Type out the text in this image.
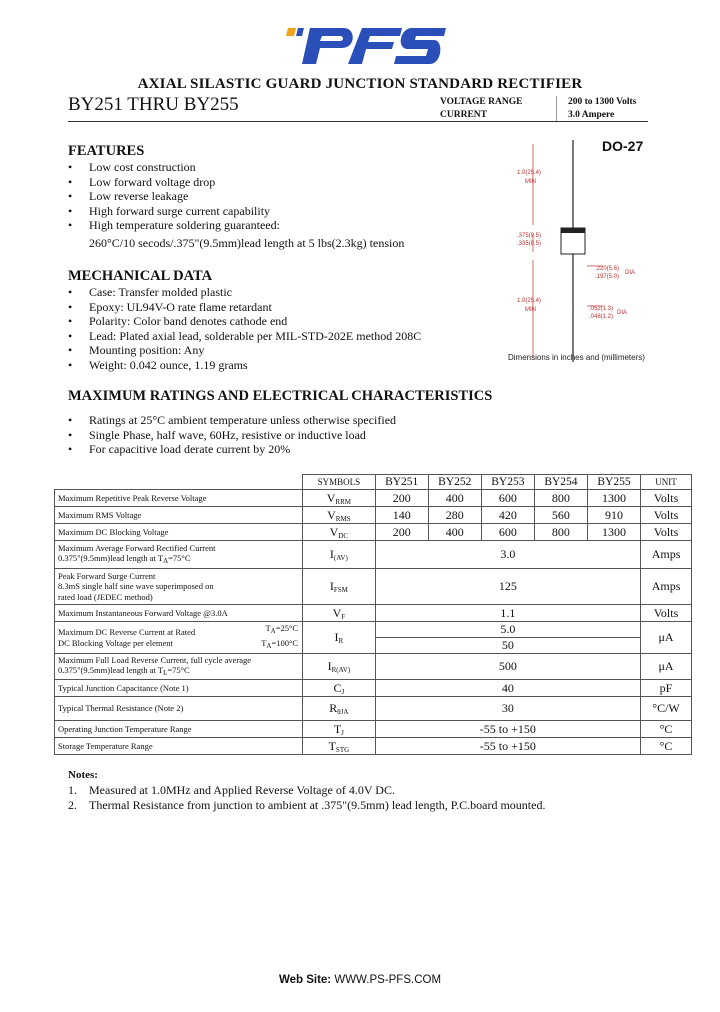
PFS
AXIAL SILASTIC GUARD JUNCTION STANDARD RECTIFIER
BY251 THRU BY255	VOLTAGE RANGE	200 to 1300 Volts
CURRENT	3.0 Ampere
FEATURES
• Low cost construction
• Low forward voltage drop
• Low reverse leakage
• High forward surge current capability
• High temperature soldering guaranteed:
260°C/10 secods/.375"(9.5mm)lead length at 5 lbs(2.3kg) tension
MECHANICAL DATA
• Case: Transfer molded plastic
• Epoxy: UL94V-O rate flame retardant
• Polarity: Color band denotes cathode end
• Lead: Plated axial lead, solderable per MIL-STD-202E method 208C
• Mounting position: Any
• Weight: 0.042 ounce, 1.19 grams
MAXIMUM RATINGS AND ELECTRICAL CHARACTERISTICS
• Ratings at 25°C ambient temperature unless otherwise specified
• Single Phase, half wave, 60Hz, resistive or inductive load
• For capacitive load derate current by 20%
DO-27
1.0(25.4)
MIN
.375(9.5)
.335(8.5)
.220(5.6)
.197(5.0)
DIA
1.0(25.4)
MIN	.052(1.3)
.048(1.2)
DIA
Dimensions in inches and (millimeters)
	SYMBOLS	BY251	BY252	BY253	BY254	BY255	UNIT
Maximum Repetitive Peak Reverse Voltage	$V_{RRM}$	200	400	600	800	1300	Volts
Maximum RMS Voltage	$V_{RMS}$	140	280	420	560	910	Volts
Maximum DC Blocking Voltage	$V_{DC}$	200	400	600	800	1300	Volts

Maximum Average Forward Rectified Current
0.375"(9.5mm)lead length at $T_A=75^\circ C$	$I_{(AV)}$	3.0					Amps

Peak Forward Surge Current
8.3mS single half sine wave superimposed on
rated load (JEDEC method)	$I_{FSM}$	125					Amps
Maximum Instantaneous Forward Voltage @3.0A	$V_F$	1.1					Volts

Maximum DC Reverse Current at Rated
DC Blocking Voltage per element
$T_A=25^\circ C$
$T_A=100^\circ C$	$I_R$	5.0					μA
		50					

Maximum Full Load Reverse Current, full cycle average
0.375"(9.5mm)lead length at $T_L=75^\circ C$	$I_{R(AV)}$	500					μA
Typical Junction Capacitance (Note 1)	$C_J$	40					pF
Typical Thermal Resistance (Note 2)	$R_{\theta JA}$	30					°C/W
Operating Junction Temperature Range	$T_J$	-55 to +150					°C
Storage Temperature Range	$T_{STG}$	-55 to +150					°C
Notes:
1. Measured at 1.0MHz and Applied Reverse Voltage of 4.0V DC.
2. Thermal Resistance from junction to ambient at .375"(9.5mm) lead length, P.C.board mounted.
Web Site: WWW.PS-PFS.COM
